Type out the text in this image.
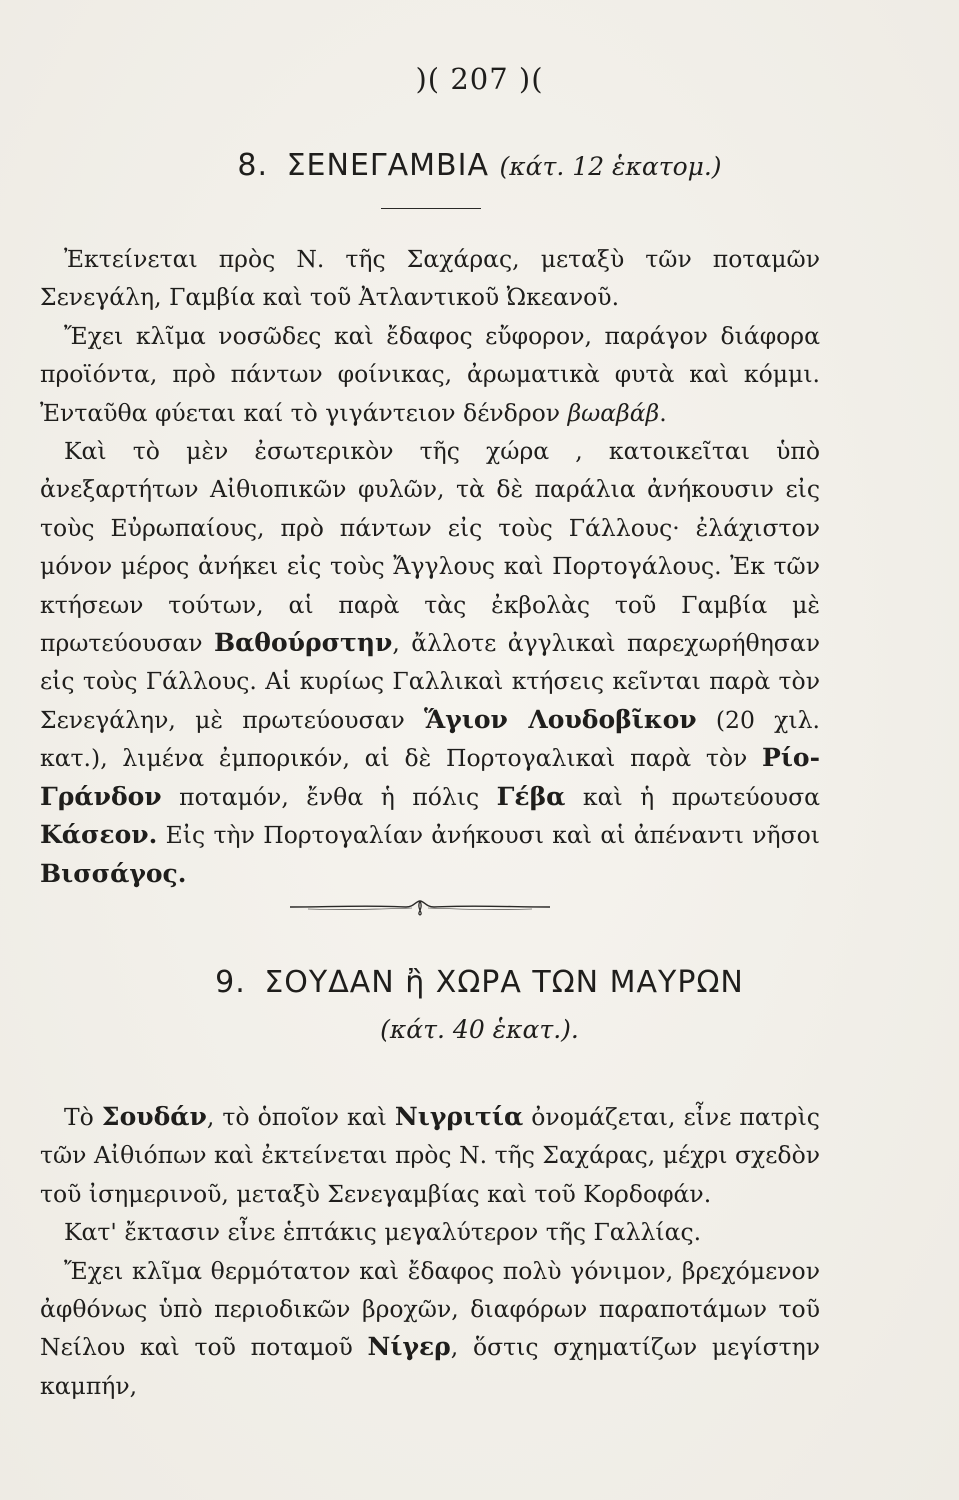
)( 207 )(
8. ΣΕΝΕΓΑΜΒΙΑ (κάτ. 12 ἑκατομ.)

Ἐκτείνεται πρὸς Ν. τῆς Σαχάρας, μεταξὺ τῶν ποταμῶν Σενεγάλη, Γαμβία καὶ τοῦ Ἀτλαντικοῦ Ὠκεανοῦ.

Ἔχει κλῖμα νοσῶδες καὶ ἔδαφος εὔφορον, παράγον διάφορα προϊόντα, πρὸ πάντων φοίνικας, ἀρωματικὰ φυτὰ καὶ κόμμι. Ἐνταῦθα φύεται καί τὸ γιγάντειον δένδρον βωαβάβ.

Καὶ τὸ μὲν ἐσωτερικὸν τῆς χώρα , κατοικεῖται ὑπὸ ἀνεξαρτήτων Αἰθιοπικῶν φυλῶν, τὰ δὲ παράλια ἀνήκουσιν εἰς τοὺς Εὐρωπαίους, πρὸ πάντων εἰς τοὺς Γάλλους· ἐλάχιστον μόνον μέρος ἀνήκει εἰς τοὺς Ἄγγλους καὶ Πορτογάλους. Ἐκ τῶν κτήσεων τούτων, αἱ παρὰ τὰς ἐκβολὰς τοῦ Γαμβία μὲ πρωτεύουσαν Βαθούρστην, ἄλλοτε ἀγγλικαὶ παρεχωρήθησαν εἰς τοὺς Γάλλους. Αἱ κυρίως Γαλλικαὶ κτήσεις κεῖνται παρὰ τὸν Σενεγάλην, μὲ πρωτεύουσαν Ἅγιον Λουδοβῖκον (20 χιλ. κατ.), λιμένα ἐμπορικόν, αἱ δὲ Πορτογαλικαὶ παρὰ τὸν Ρίο-Γράνδον ποταμόν, ἔνθα ἡ πόλις Γέβα καὶ ἡ πρωτεύουσα Κάσεον. Εἰς τὴν Πορτογαλίαν ἀνήκουσι καὶ αἱ ἀπέναντι νῆσοι Βισσάγος.

9. ΣΟΥΔΑΝ ἢ ΧΩΡΑ ΤΩΝ ΜΑΥΡΩΝ
(κάτ. 40 ἑκατ.).

Τὸ Σουδάν, τὸ ὁποῖον καὶ Νιγριτία ὀνομάζεται, εἶνε πατρὶς τῶν Αἰθιόπων καὶ ἐκτείνεται πρὸς Ν. τῆς Σαχάρας, μέχρι σχεδὸν τοῦ ἰσημερινοῦ, μεταξὺ Σενεγαμβίας καὶ τοῦ Κορδοφάν.

Κατ' ἔκτασιν εἶνε ἑπτάκις μεγαλύτερον τῆς Γαλλίας.

Ἔχει κλῖμα θερμότατον καὶ ἔδαφος πολὺ γόνιμον, βρεχόμενον ἀφθόνως ὑπὸ περιοδικῶν βροχῶν, διαφόρων παραποτάμων τοῦ Νείλου καὶ τοῦ ποταμοῦ Νίγερ, ὅστις σχηματίζων μεγίστην καμπήν,
